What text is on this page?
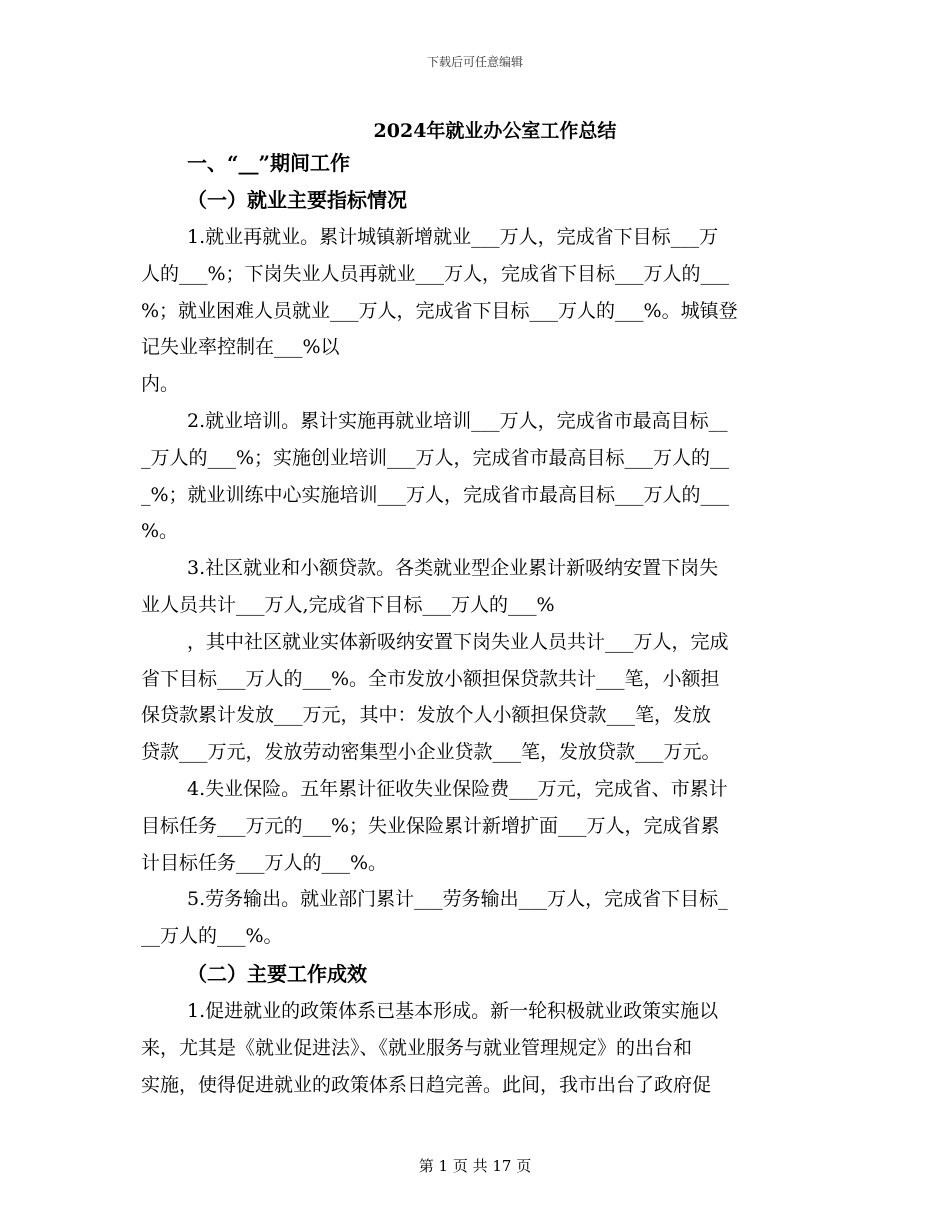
下载后可任意编辑
2024年就业办公室工作总结
一、“__”期间工作
（一）就业主要指标情况
1.就业再就业。累计城镇新增就业___万人，完成省下目标___万
人的___%；下岗失业人员再就业___万人，完成省下目标___万人的___
%；就业困难人员就业___万人，完成省下目标___万人的___%。城镇登
记失业率控制在___%以
内。
2.就业培训。累计实施再就业培训___万人，完成省市最高目标__
_万人的___%；实施创业培训___万人，完成省市最高目标___万人的__
_%；就业训练中心实施培训___万人，完成省市最高目标___万人的___
%。
3.社区就业和小额贷款。各类就业型企业累计新吸纳安置下岗失
业人员共计___万人,完成省下目标___万人的___%
，其中社区就业实体新吸纳安置下岗失业人员共计___万人，完成
省下目标___万人的___%。全市发放小额担保贷款共计___笔，小额担
保贷款累计发放___万元，其中：发放个人小额担保贷款___笔，发放
贷款___万元，发放劳动密集型小企业贷款___笔，发放贷款___万元。
4.失业保险。五年累计征收失业保险费___万元，完成省、市累计
目标任务___万元的___%；失业保险累计新增扩面___万人，完成省累
计目标任务___万人的___%。
5.劳务输出。就业部门累计___劳务输出___万人，完成省下目标_
__万人的___%。
（二）主要工作成效
1.促进就业的政策体系已基本形成。新一轮积极就业政策实施以
来，尤其是《就业促进法》、《就业服务与就业管理规定》的出台和
实施，使得促进就业的政策体系日趋完善。此间，我市出台了政府促
第 1 页 共 17 页
